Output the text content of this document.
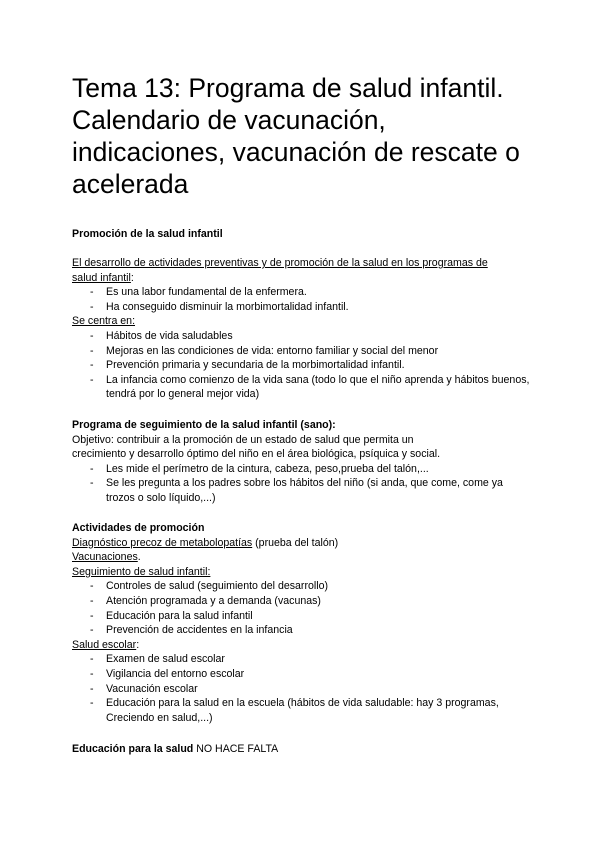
Tema 13: Programa de salud infantil.
Calendario de vacunación,
indicaciones, vacunación de rescate o
acelerada
Promoción de la salud infantil
El desarrollo de actividades preventivas y de promoción de la salud en los programas de
salud infantil:
- Es una labor fundamental de la enfermera.
- Ha conseguido disminuir la morbimortalidad infantil.
Se centra en:
- Hábitos de vida saludables
- Mejoras en las condiciones de vida: entorno familiar y social del menor
- Prevención primaria y secundaria de la morbimortalidad infantil.
- La infancia como comienzo de la vida sana (todo lo que el niño aprenda y hábitos buenos, tendrá por lo general mejor vida)
Programa de seguimiento de la salud infantil (sano):
Objetivo: contribuir a la promoción de un estado de salud que permita un
crecimiento y desarrollo óptimo del niño en el área biológica, psíquica y social.
- Les mide el perímetro de la cintura, cabeza, peso,prueba del talón,...
- Se les pregunta a los padres sobre los hábitos del niño (si anda, que come, come ya trozos o solo líquido,...)
Actividades de promoción
Diagnóstico precoz de metabolopatías (prueba del talón)
Vacunaciones.
Seguimiento de salud infantil:
- Controles de salud (seguimiento del desarrollo)
- Atención programada y a demanda (vacunas)
- Educación para la salud infantil
- Prevención de accidentes en la infancia
Salud escolar:
- Examen de salud escolar
- Vigilancia del entorno escolar
- Vacunación escolar
- Educación para la salud en la escuela (hábitos de vida saludable: hay 3 programas, Creciendo en salud,...)
Educación para la salud NO HACE FALTA
